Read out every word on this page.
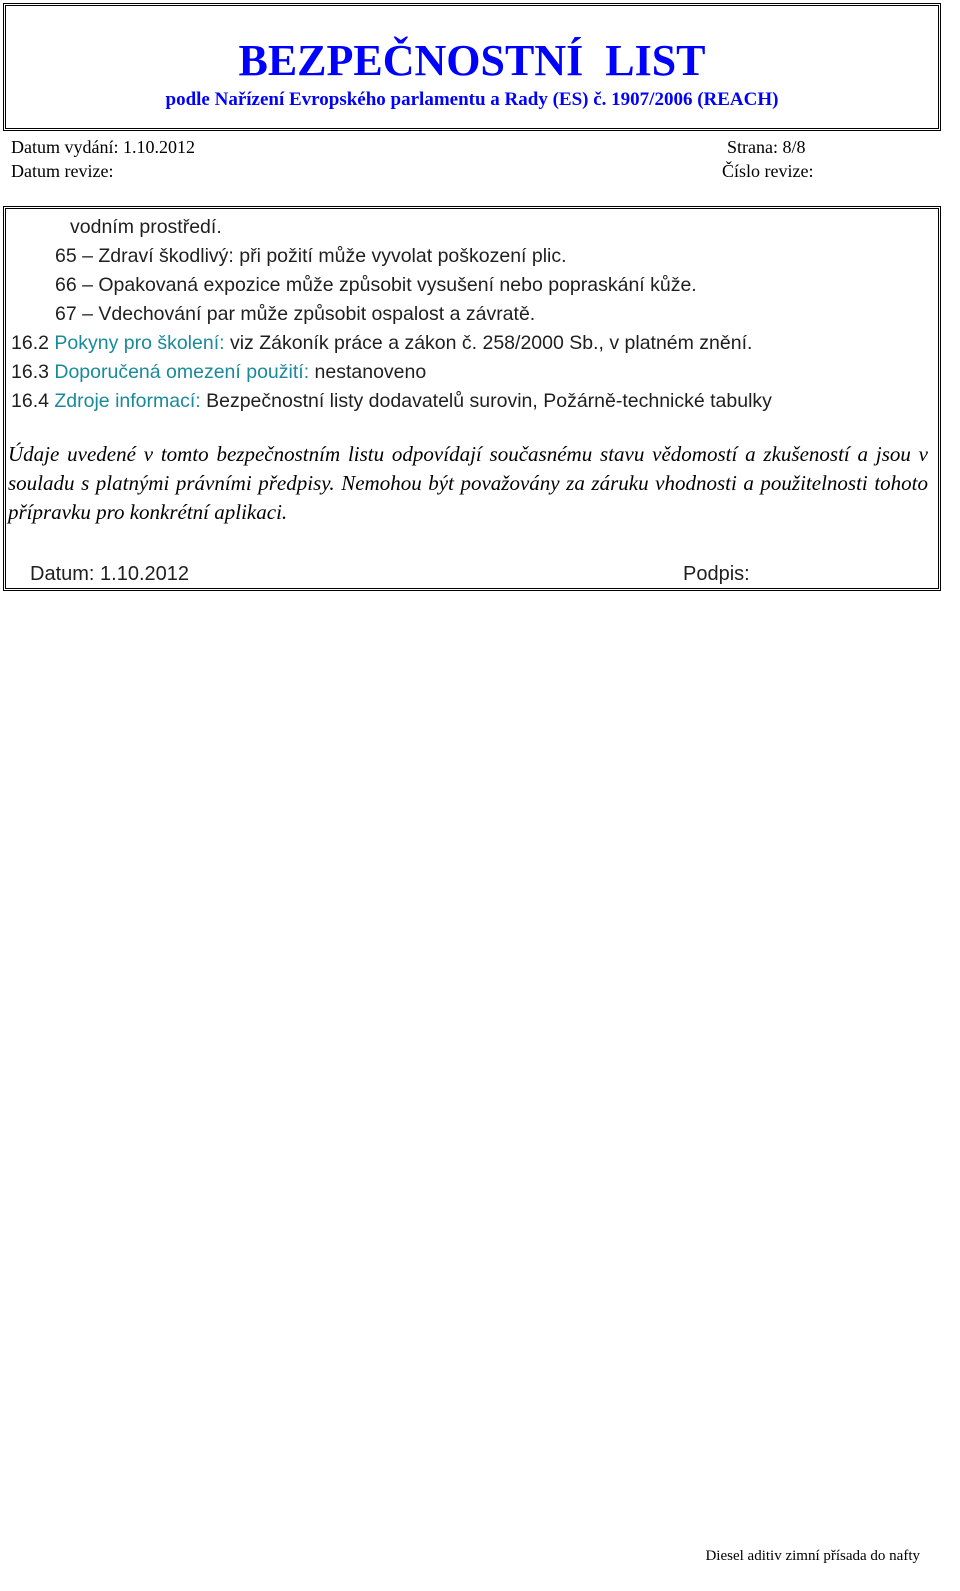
BEZPEČNOSTNÍ  LIST
podle Nařízení Evropského parlamentu a Rady (ES) č. 1907/2006 (REACH)
Datum vydání: 1.10.2012	Strana: 8/8
Datum revize:	Číslo revize:
vodním prostředí.
65 – Zdraví škodlivý: při požití může vyvolat poškození plic.
66 – Opakovaná expozice může způsobit vysušení nebo popraskání kůže.
67 – Vdechování par může způsobit ospalost a závratě.
16.2 Pokyny pro školení: viz Zákoník práce a zákon č. 258/2000 Sb., v platném znění.
16.3 Doporučená omezení použití: nestanoveno
16.4 Zdroje informací: Bezpečnostní listy dodavatelů surovin, Požárně-technické tabulky
Údaje uvedené v tomto bezpečnostním listu odpovídají současnému stavu vědomostí a zkušeností a jsou v souladu s platnými právními předpisy. Nemohou být považovány za záruku vhodnosti a použitelnosti tohoto přípravku pro konkrétní aplikaci.
Datum: 1.10.2012	Podpis:
Diesel aditiv zimní přísada do nafty
